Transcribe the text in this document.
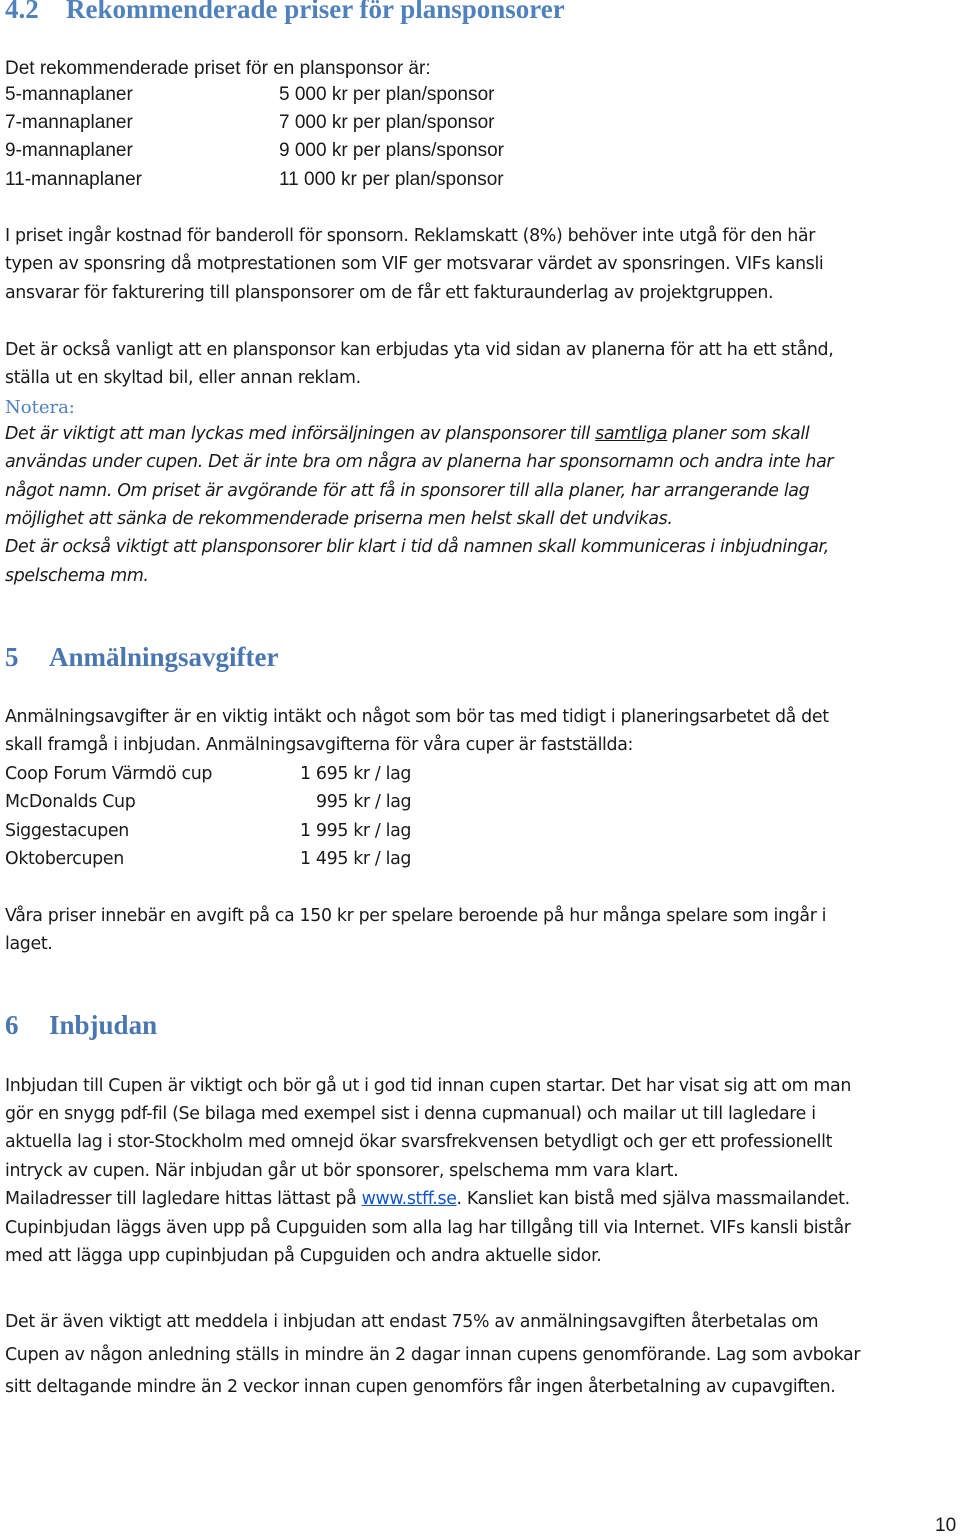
4.2 Rekommenderade priser för plansponsorer
Det rekommenderade priset för en plansponsor är:
5-mannaplaner	5 000 kr per plan/sponsor
7-mannaplaner	7 000 kr per plan/sponsor
9-mannaplaner	9 000 kr per plans/sponsor
11-mannaplaner	11 000 kr per plan/sponsor
I priset ingår kostnad för banderoll för sponsorn. Reklamskatt (8%) behöver inte utgå för den här
typen av sponsring då motprestationen som VIF ger motsvarar värdet av sponsringen. VIFs kansli
ansvarar för fakturering till plansponsorer om de får ett fakturaunderlag av projektgruppen.
Det är också vanligt att en plansponsor kan erbjudas yta vid sidan av planerna för att ha ett stånd,
ställa ut en skyltad bil, eller annan reklam.
Notera:
Det är viktigt att man lyckas med införsäljningen av plansponsorer till samtliga planer som skall
användas under cupen. Det är inte bra om några av planerna har sponsornamn och andra inte har
något namn. Om priset är avgörande för att få in sponsorer till alla planer, har arrangerande lag
möjlighet att sänka de rekommenderade priserna men helst skall det undvikas.
Det är också viktigt att plansponsorer blir klart i tid då namnen skall kommuniceras i inbjudningar,
spelschema mm.
5 Anmälningsavgifter
Anmälningsavgifter är en viktig intäkt och något som bör tas med tidigt i planeringsarbetet då det
skall framgå i inbjudan. Anmälningsavgifterna för våra cuper är fastställda:
Coop Forum Värmdö cup	1 695 kr / lag
McDonalds Cup	995 kr / lag
Siggestacupen	1 995 kr / lag
Oktobercupen	1 495 kr / lag
Våra priser innebär en avgift på ca 150 kr per spelare beroende på hur många spelare som ingår i
laget.
6 Inbjudan
Inbjudan till Cupen är viktigt och bör gå ut i god tid innan cupen startar. Det har visat sig att om man
gör en snygg pdf-fil (Se bilaga med exempel sist i denna cupmanual) och mailar ut till lagledare i
aktuella lag i stor-Stockholm med omnejd ökar svarsfrekvensen betydligt och ger ett professionellt
intryck av cupen. När inbjudan går ut bör sponsorer, spelschema mm vara klart.
Mailadresser till lagledare hittas lättast på www.stff.se. Kansliet kan bistå med själva massmailandet.
Cupinbjudan läggs även upp på Cupguiden som alla lag har tillgång till via Internet. VIFs kansli bistår
med att lägga upp cupinbjudan på Cupguiden och andra aktuelle sidor.
Det är även viktigt att meddela i inbjudan att endast 75% av anmälningsavgiften återbetalas om
Cupen av någon anledning ställs in mindre än 2 dagar innan cupens genomförande. Lag som avbokar
sitt deltagande mindre än 2 veckor innan cupen genomförs får ingen återbetalning av cupavgiften.
10
